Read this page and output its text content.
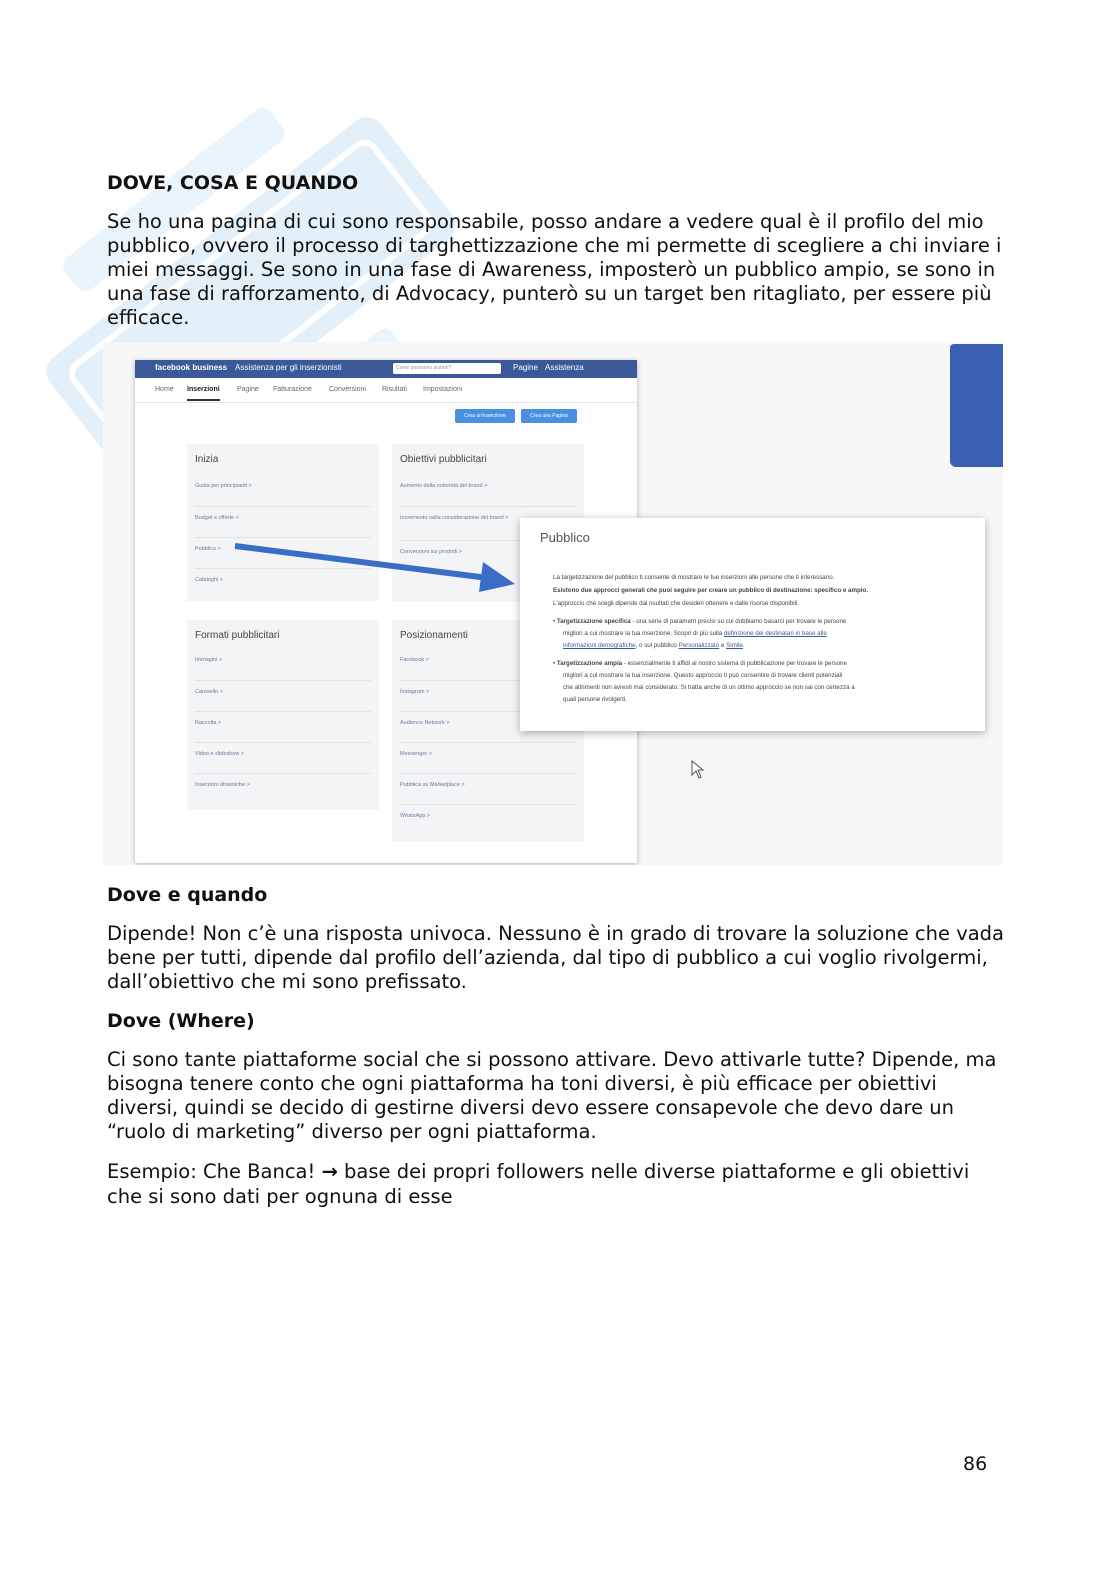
DOVE, COSA E QUANDO

Se ho una pagina di cui sono responsabile, posso andare a vedere qual è il profilo del mio pubblico, ovvero il processo di targhettizzazione che mi permette di scegliere a chi inviare i miei messaggi. Se sono in una fase di Awareness, imposterò un pubblico ampio, se sono in una fase di rafforzamento, di Advocacy, punterò su un target ben ritagliato, per essere più efficace.

facebook business Assistenza per gli inserzionisti	Come possiamo aiutarti?	Pagine Assistenza
Home Inserzioni Pagine Fatturazione Conversioni Risultati Impostazioni
Crea un'inserzione	Crea una Pagina
Inizia
Guida per principianti >
Budget e offerte >
Pubblico >
Cataloghi >
Obiettivi pubblicitari
Aumento della notorietà del brand >
Incremento nella considerazione del brand >
Conversioni sui prodotti >
Formati pubblicitari
Immagini >
Carosello >
Raccolta >
Video e slideshow >
Inserzioni dinamiche >
Posizionamenti
Facebook >
Instagram >
Audience Network >
Messenger >
Pubblica su Marketplace >
WhatsApp >
Pubblico
La targetizzazione del pubblico ti consente di mostrare le tue inserzioni alle persone che ti interessano.
Esistono due approcci generali che puoi seguire per creare un pubblico di destinazione: specifico e ampio.
L'approccio che scegli dipende dai risultati che desideri ottenere e dalle risorse disponibili.
• Targetizzazione specifica - una serie di parametri precisi su cui dobbiamo basarci per trovare le persone
migliori a cui mostrare la tua inserzione. Scopri di più sulla definizione dei destinatari in base alle
informazioni demografiche, o sul pubblico Personalizzato e Simile.
• Targetizzazione ampia - essenzialmente ti affidi al nostro sistema di pubblicazione per trovare le persone
migliori a cui mostrare la tua inserzione. Questo approccio ti può consentire di trovare clienti potenziali
che altrimenti non avresti mai considerato. Si tratta anche di un ottimo approccio se non sai con certezza a
quali persone rivolgerti.
Dove e quando

Dipende! Non c’è una risposta univoca. Nessuno è in grado di trovare la soluzione che vada bene per tutti, dipende dal profilo dell’azienda, dal tipo di pubblico a cui voglio rivolgermi, dall’obiettivo che mi sono prefissato.

Dove (Where)

Ci sono tante piattaforme social che si possono attivare. Devo attivarle tutte? Dipende, ma bisogna tenere conto che ogni piattaforma ha toni diversi, è più efficace per obiettivi diversi, quindi se decido di gestirne diversi devo essere consapevole che devo dare un “ruolo di marketing” diverso per ogni piattaforma.

Esempio: Che Banca! → base dei propri followers nelle diverse piattaforme e gli obiettivi che si sono dati per ognuna di esse

86
